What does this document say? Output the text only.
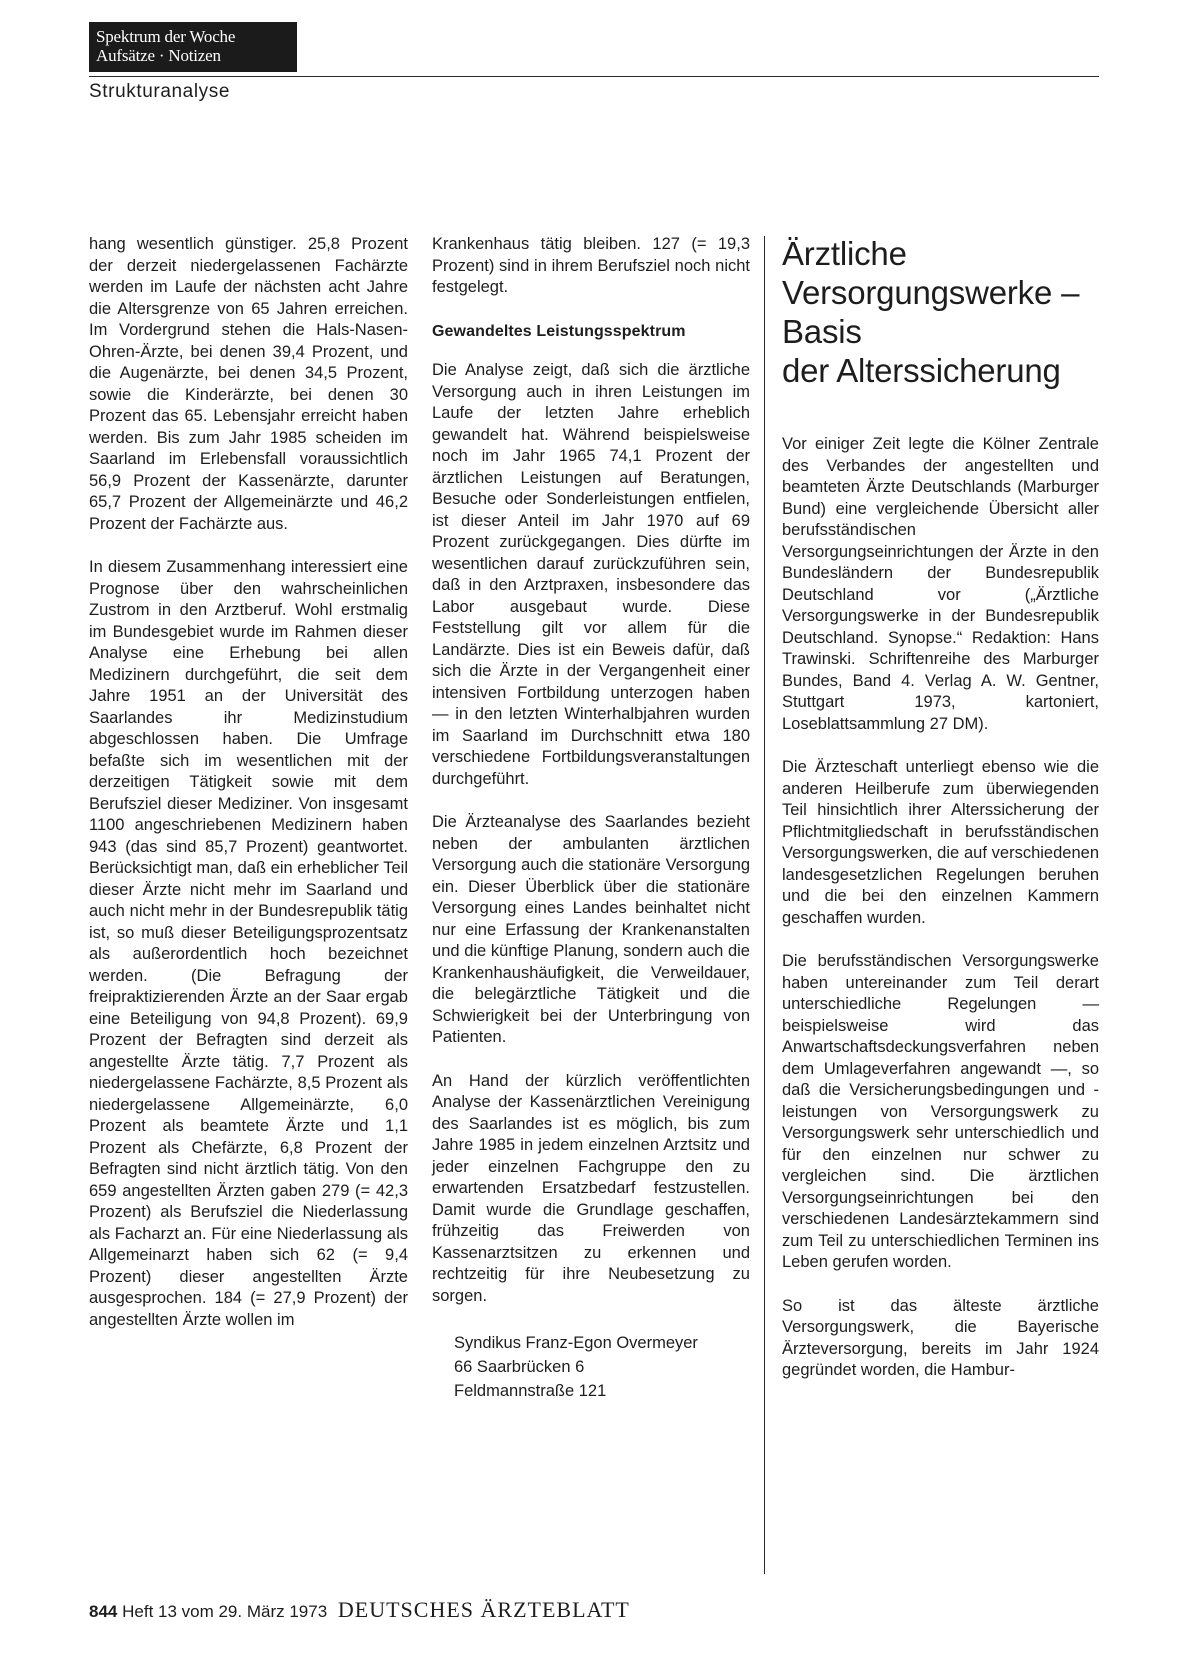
Spektrum der Woche
Aufsätze · Notizen
Strukturanalyse

hang wesentlich günstiger. 25,8 Prozent der derzeit niedergelassenen Fachärzte werden im Laufe der nächsten acht Jahre die Altersgrenze von 65 Jahren erreichen. Im Vordergrund stehen die Hals-Nasen-Ohren-Ärzte, bei denen 39,4 Prozent, und die Augenärzte, bei denen 34,5 Prozent, sowie die Kinderärzte, bei denen 30 Prozent das 65. Lebensjahr erreicht haben werden. Bis zum Jahr 1985 scheiden im Saarland im Erlebensfall voraussichtlich 56,9 Prozent der Kassenärzte, darunter 65,7 Prozent der Allgemeinärzte und 46,2 Prozent der Fachärzte aus.

In diesem Zusammenhang interessiert eine Prognose über den wahrscheinlichen Zustrom in den Arztberuf. Wohl erstmalig im Bundesgebiet wurde im Rahmen dieser Analyse eine Erhebung bei allen Medizinern durchgeführt, die seit dem Jahre 1951 an der Universität des Saarlandes ihr Medizinstudium abgeschlossen haben. Die Umfrage befaßte sich im wesentlichen mit der derzeitigen Tätigkeit sowie mit dem Berufsziel dieser Mediziner. Von insgesamt 1100 angeschriebenen Medizinern haben 943 (das sind 85,7 Prozent) geantwortet. Berücksichtigt man, daß ein erheblicher Teil dieser Ärzte nicht mehr im Saarland und auch nicht mehr in der Bundesrepublik tätig ist, so muß dieser Beteiligungsprozentsatz als außerordentlich hoch bezeichnet werden. (Die Befragung der freipraktizierenden Ärzte an der Saar ergab eine Beteiligung von 94,8 Prozent). 69,9 Prozent der Befragten sind derzeit als angestellte Ärzte tätig. 7,7 Prozent als niedergelassene Fachärzte, 8,5 Prozent als niedergelassene Allgemeinärzte, 6,0 Prozent als beamtete Ärzte und 1,1 Prozent als Chefärzte, 6,8 Prozent der Befragten sind nicht ärztlich tätig. Von den 659 angestellten Ärzten gaben 279 (= 42,3 Prozent) als Berufsziel die Niederlassung als Facharzt an. Für eine Niederlassung als Allgemeinarzt haben sich 62 (= 9,4 Prozent) dieser angestellten Ärzte ausgesprochen. 184 (= 27,9 Prozent) der angestellten Ärzte wollen im

Krankenhaus tätig bleiben. 127 (= 19,3 Prozent) sind in ihrem Berufsziel noch nicht festgelegt.

Gewandeltes Leistungsspektrum

Die Analyse zeigt, daß sich die ärztliche Versorgung auch in ihren Leistungen im Laufe der letzten Jahre erheblich gewandelt hat. Während beispielsweise noch im Jahr 1965 74,1 Prozent der ärztlichen Leistungen auf Beratungen, Besuche oder Sonderleistungen entfielen, ist dieser Anteil im Jahr 1970 auf 69 Prozent zurückgegangen. Dies dürfte im wesentlichen darauf zurückzuführen sein, daß in den Arztpraxen, insbesondere das Labor ausgebaut wurde. Diese Feststellung gilt vor allem für die Landärzte. Dies ist ein Beweis dafür, daß sich die Ärzte in der Vergangenheit einer intensiven Fortbildung unterzogen haben — in den letzten Winterhalbjahren wurden im Saarland im Durchschnitt etwa 180 verschiedene Fortbildungsveranstaltungen durchgeführt.

Die Ärzteanalyse des Saarlandes bezieht neben der ambulanten ärztlichen Versorgung auch die stationäre Versorgung ein. Dieser Überblick über die stationäre Versorgung eines Landes beinhaltet nicht nur eine Erfassung der Krankenanstalten und die künftige Planung, sondern auch die Krankenhaushäufigkeit, die Verweildauer, die belegärztliche Tätigkeit und die Schwierigkeit bei der Unterbringung von Patienten.

An Hand der kürzlich veröffentlichten Analyse der Kassenärztlichen Vereinigung des Saarlandes ist es möglich, bis zum Jahre 1985 in jedem einzelnen Arztsitz und jeder einzelnen Fachgruppe den zu erwartenden Ersatzbedarf festzustellen. Damit wurde die Grundlage geschaffen, frühzeitig das Freiwerden von Kassenarztsitzen zu erkennen und rechtzeitig für ihre Neubesetzung zu sorgen.

Syndikus Franz-Egon Overmeyer
66 Saarbrücken 6
Feldmannstraße 121
Ärztliche
Versorgungswerke –
Basis
der Alterssicherung

Vor einiger Zeit legte die Kölner Zentrale des Verbandes der angestellten und beamteten Ärzte Deutschlands (Marburger Bund) eine vergleichende Übersicht aller berufsständischen Versorgungseinrichtungen der Ärzte in den Bundesländern der Bundesrepublik Deutschland vor („Ärztliche Versorgungswerke in der Bundesrepublik Deutschland. Synopse.“ Redaktion: Hans Trawinski. Schriftenreihe des Marburger Bundes, Band 4. Verlag A. W. Gentner, Stuttgart 1973, kartoniert, Loseblattsammlung 27 DM).

Die Ärzteschaft unterliegt ebenso wie die anderen Heilberufe zum überwiegenden Teil hinsichtlich ihrer Alterssicherung der Pflichtmitgliedschaft in berufsständischen Versorgungswerken, die auf verschiedenen landesgesetzlichen Regelungen beruhen und die bei den einzelnen Kammern geschaffen wurden.

Die berufsständischen Versorgungswerke haben untereinander zum Teil derart unterschiedliche Regelungen — beispielsweise wird das Anwartschaftsdeckungsverfahren neben dem Umlageverfahren angewandt —, so daß die Versicherungsbedingungen und -leistungen von Versorgungswerk zu Versorgungswerk sehr unterschiedlich und für den einzelnen nur schwer zu vergleichen sind. Die ärztlichen Versorgungseinrichtungen bei den verschiedenen Landesärztekammern sind zum Teil zu unterschiedlichen Terminen ins Leben gerufen worden.

So ist das älteste ärztliche Versorgungswerk, die Bayerische Ärzteversorgung, bereits im Jahr 1924 gegründet worden, die Hambur-

844 Heft 13 vom 29. März 1973 DEUTSCHES ÄRZTEBLATT
